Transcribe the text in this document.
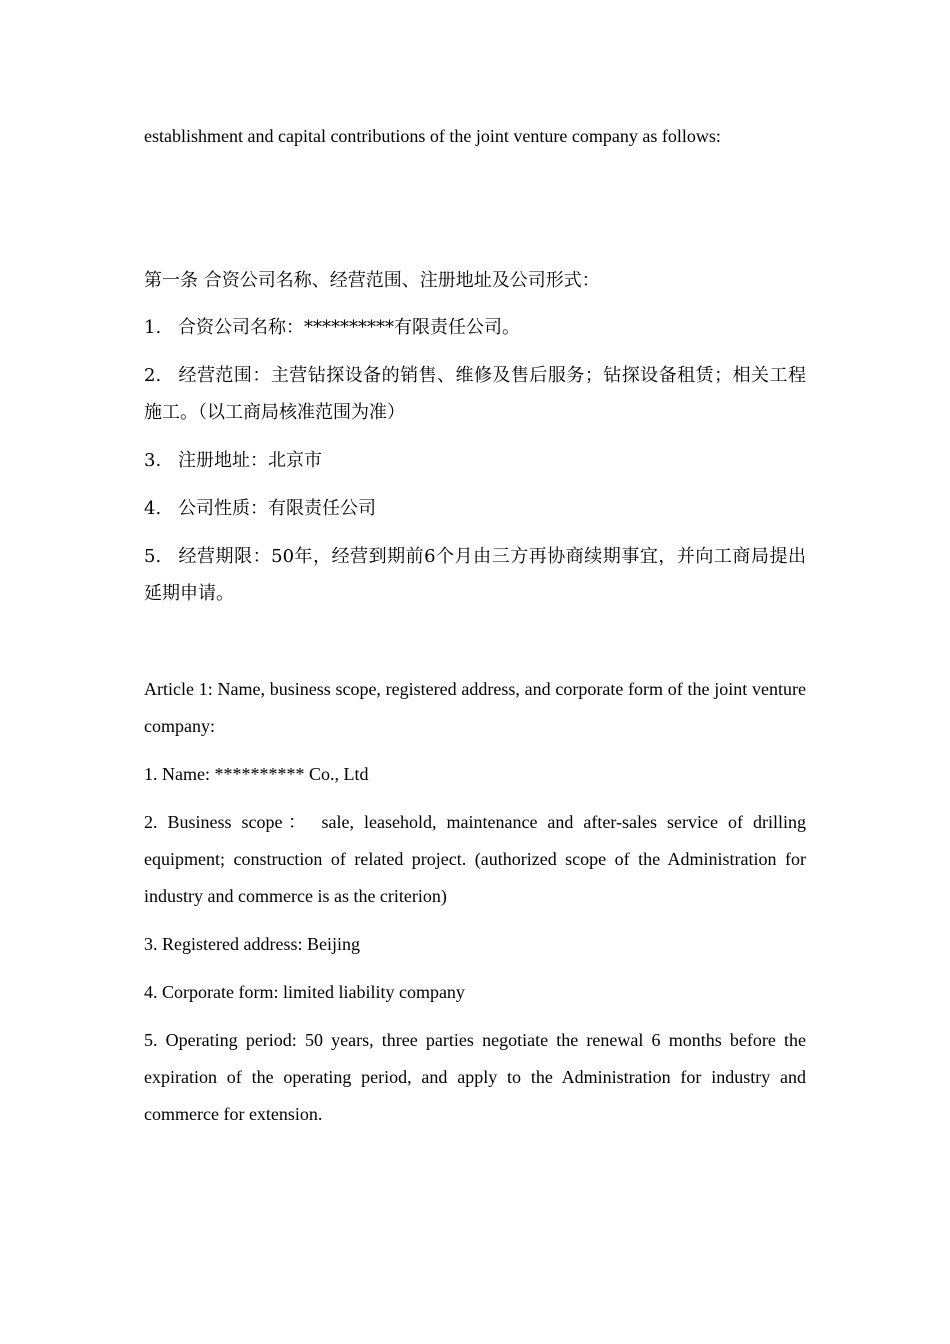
establishment and capital contributions of the joint venture company as follows:

第一条 合资公司名称、经营范围、注册地址及公司形式：

1. 合资公司名称：**********有限责任公司。

2. 经营范围：主营钻探设备的销售、维修及售后服务；钻探设备租赁；相关工程施工。（以工商局核准范围为准）

3. 注册地址：北京市

4. 公司性质：有限责任公司

5. 经营期限：50年，经营到期前6个月由三方再协商续期事宜，并向工商局提出延期申请。

Article 1: Name, business scope, registered address, and corporate form of the joint venture company:

1. Name: ********** Co., Ltd

2. Business scope： sale, leasehold, maintenance and after-sales service of drilling equipment; construction of related project. (authorized scope of the Administration for industry and commerce is as the criterion)

3. Registered address: Beijing

4. Corporate form: limited liability company

5. Operating period: 50 years, three parties negotiate the renewal 6 months before the expiration of the operating period, and apply to the Administration for industry and commerce for extension.
